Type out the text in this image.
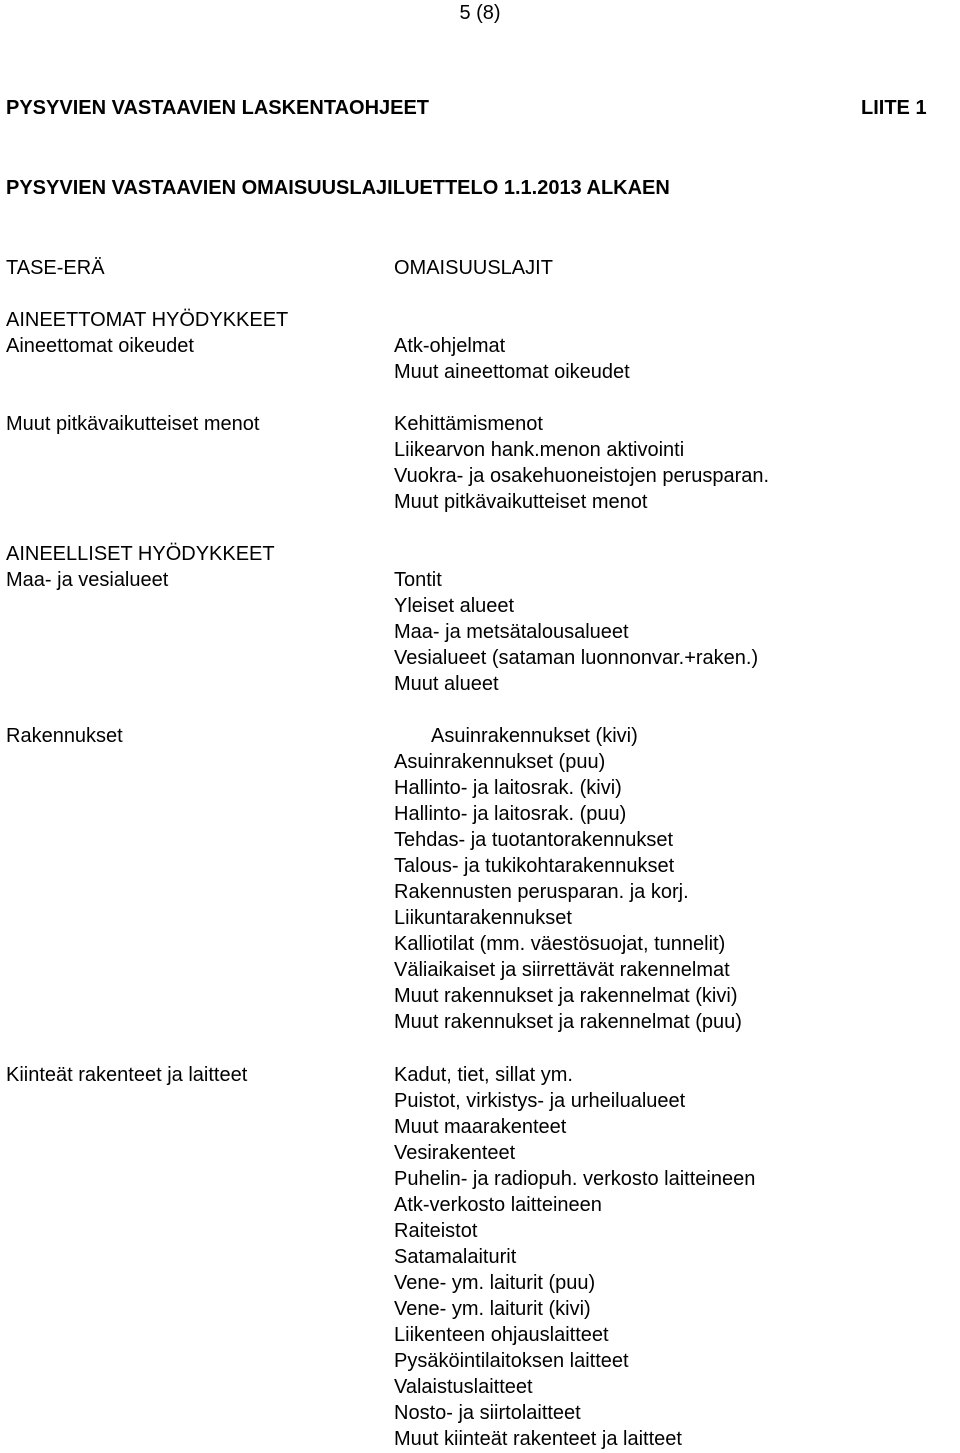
5 (8)
PYSYVIEN VASTAAVIEN LASKENTAOHJEET	LIITE 1
PYSYVIEN VASTAAVIEN OMAISUUSLAJILUETTELO 1.1.2013 ALKAEN
TASE-ERÄ	OMAISUUSLAJIT
AINEETTOMAT HYÖDYKKEET
Aineettomat oikeudet
Muut pitkävaikutteiset menot
AINEELLISET HYÖDYKKEET
Maa- ja vesialueet
Rakennukset
Kiinteät rakenteet ja laitteet
Atk-ohjelmat
Muut aineettomat oikeudet
Kehittämismenot
Liikearvon hank.menon aktivointi
Vuokra- ja osakehuoneistojen perusparan.
Muut pitkävaikutteiset menot
Tontit
Yleiset alueet
Maa- ja metsätalousalueet
Vesialueet (sataman luonnonvar.+raken.)
Muut alueet
Asuinrakennukset (kivi)
Asuinrakennukset (puu)
Hallinto- ja laitosrak. (kivi)
Hallinto- ja laitosrak. (puu)
Tehdas- ja tuotantorakennukset
Talous- ja tukikohtarakennukset
Rakennusten perusparan. ja korj.
Liikuntarakennukset
Kalliotilat (mm. väestösuojat, tunnelit)
Väliaikaiset ja siirrettävät rakennelmat
Muut rakennukset ja rakennelmat (kivi)
Muut rakennukset ja rakennelmat (puu)
Kadut, tiet, sillat ym.
Puistot, virkistys- ja urheilualueet
Muut maarakenteet
Vesirakenteet
Puhelin- ja radiopuh. verkosto laitteineen
Atk-verkosto laitteineen
Raiteistot
Satamalaiturit
Vene- ym. laiturit (puu)
Vene- ym. laiturit (kivi)
Liikenteen ohjauslaitteet
Pysäköintilaitoksen laitteet
Valaistuslaitteet
Nosto- ja siirtolaitteet
Muut kiinteät rakenteet ja laitteet
